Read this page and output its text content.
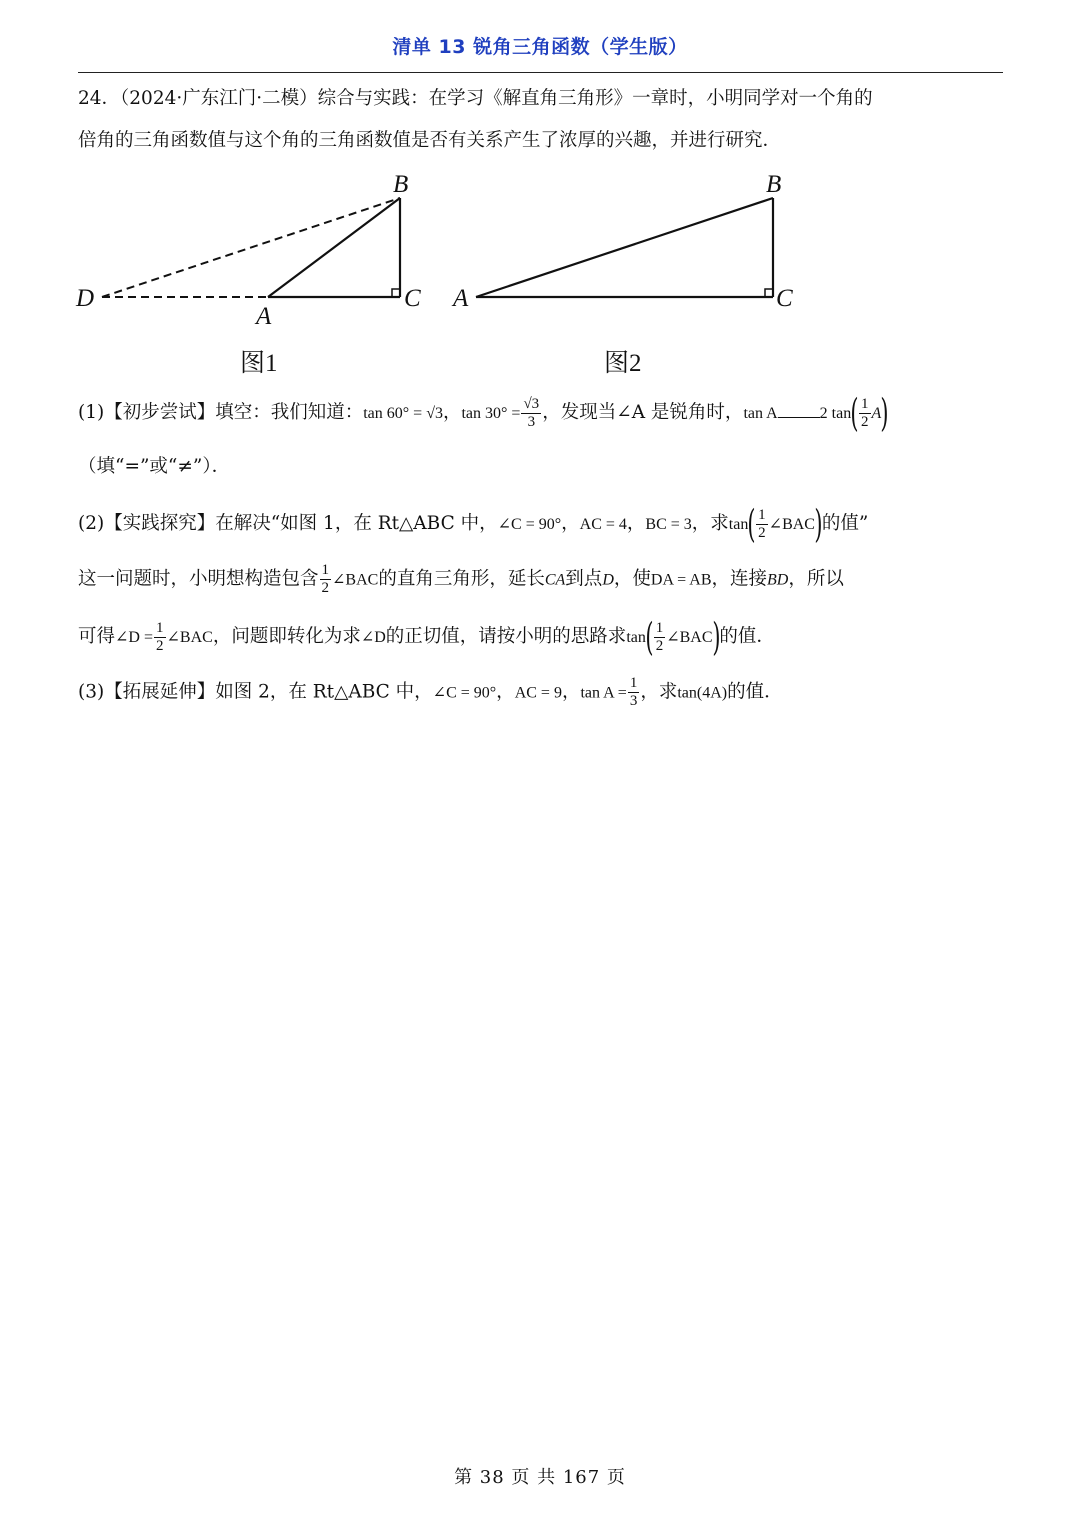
清单 13 锐角三角函数（学生版）
24．（2024·广东江门·二模）综合与实践：在学习《解直角三角形》一章时，小明同学对一个角的
倍角的三角函数值与这个角的三角函数值是否有关系产生了浓厚的兴趣，并进行研究．
B
D
A
C
B
A	C
图1	图2
(1)【初步尝试】填空：我们知道：tan 60° = √3，$\tan 30^\circ = \frac{√3}{3}$ ，发现当∠A 是锐角时，tan A	2 $\tan( \frac{1}{2} A)$
（填“=”或“≠”）．
(2)【实践探究】在解决“如图 1，在 Rt△ABC 中，∠C = 90°，AC = 4，BC = 3，求$\tan( \frac{1}{2}$ ∠BAC)的值”
这一问题时，小明想构造包含 $\frac{1}{2}$ ∠BAC的直角三角形，延长CA到点D，使DA = AB，连接BD，所以
可得∠D = $\frac{1}{2}$ ∠BAC，问题即转化为求∠D的正切值，请按小明的思路求$\tan( \frac{1}{2}$ ∠BAC)的值．
(3)【拓展延伸】如图 2，在 Rt△ABC 中，∠C = 90°，AC = 9，$\tan A = \frac{1}{3}$ ，求tan(4A)的值．
第 38 页 共 167 页
